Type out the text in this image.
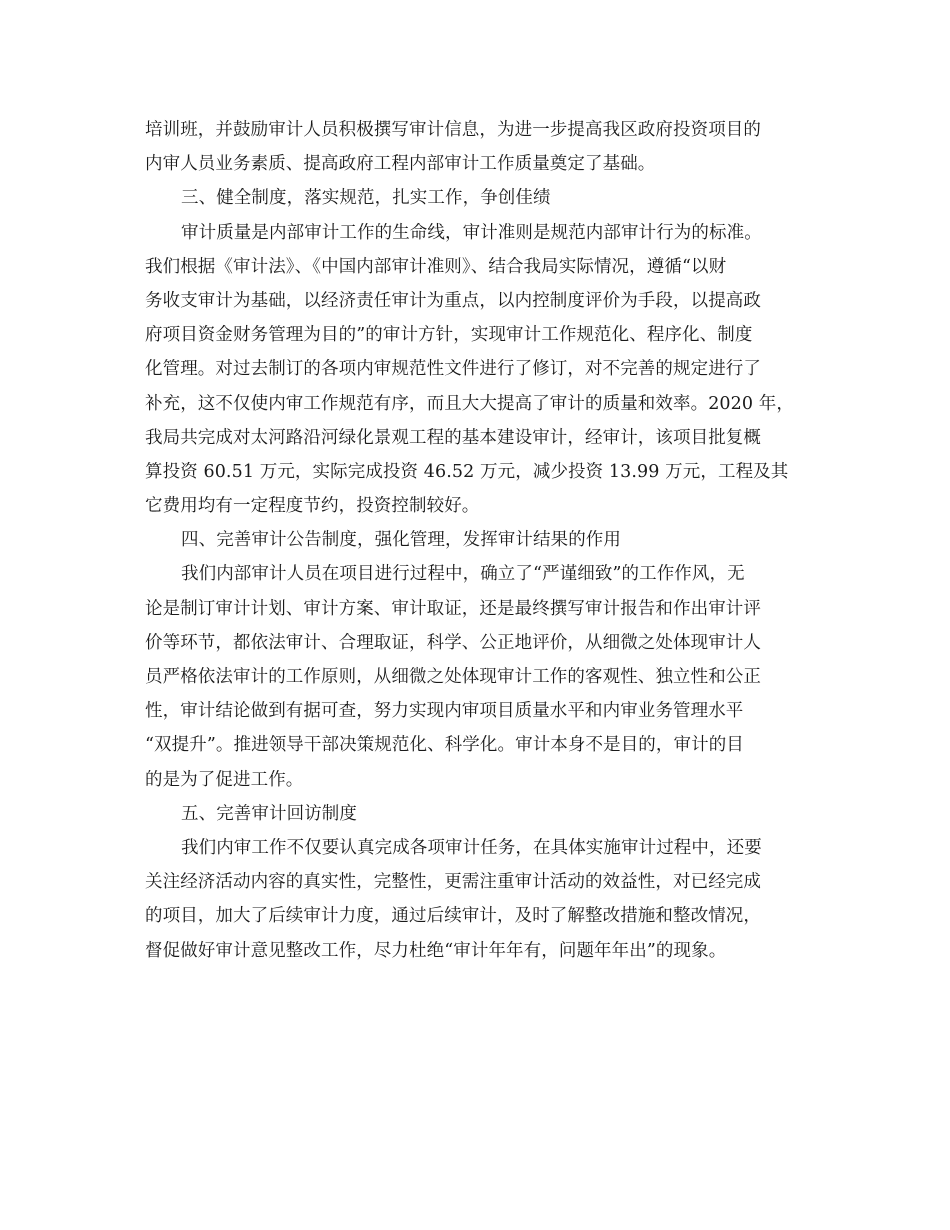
培训班，并鼓励审计人员积极撰写审计信息，为进一步提高我区政府投资项目的
内审人员业务素质、提高政府工程内部审计工作质量奠定了基础。
三、健全制度，落实规范，扎实工作，争创佳绩
审计质量是内部审计工作的生命线，审计准则是规范内部审计行为的标准。
我们根据《审计法》、《中国内部审计准则》、结合我局实际情况，遵循“以财
务收支审计为基础，以经济责任审计为重点，以内控制度评价为手段，以提高政
府项目资金财务管理为目的”的审计方针，实现审计工作规范化、程序化、制度
化管理。对过去制订的各项内审规范性文件进行了修订，对不完善的规定进行了
补充，这不仅使内审工作规范有序，而且大大提高了审计的质量和效率。2020 年，
我局共完成对太河路沿河绿化景观工程的基本建设审计，经审计，该项目批复概
算投资 60.51 万元，实际完成投资 46.52 万元，减少投资 13.99 万元，工程及其
它费用均有一定程度节约，投资控制较好。
四、完善审计公告制度，强化管理，发挥审计结果的作用
我们内部审计人员在项目进行过程中，确立了“严谨细致”的工作作风，无
论是制订审计计划、审计方案、审计取证，还是最终撰写审计报告和作出审计评
价等环节，都依法审计、合理取证，科学、公正地评价，从细微之处体现审计人
员严格依法审计的工作原则，从细微之处体现审计工作的客观性、独立性和公正
性，审计结论做到有据可查，努力实现内审项目质量水平和内审业务管理水平
“双提升”。推进领导干部决策规范化、科学化。审计本身不是目的，审计的目
的是为了促进工作。
五、完善审计回访制度
我们内审工作不仅要认真完成各项审计任务，在具体实施审计过程中，还要
关注经济活动内容的真实性，完整性，更需注重审计活动的效益性，对已经完成
的项目，加大了后续审计力度，通过后续审计，及时了解整改措施和整改情况，
督促做好审计意见整改工作，尽力杜绝“审计年年有，问题年年出”的现象。
